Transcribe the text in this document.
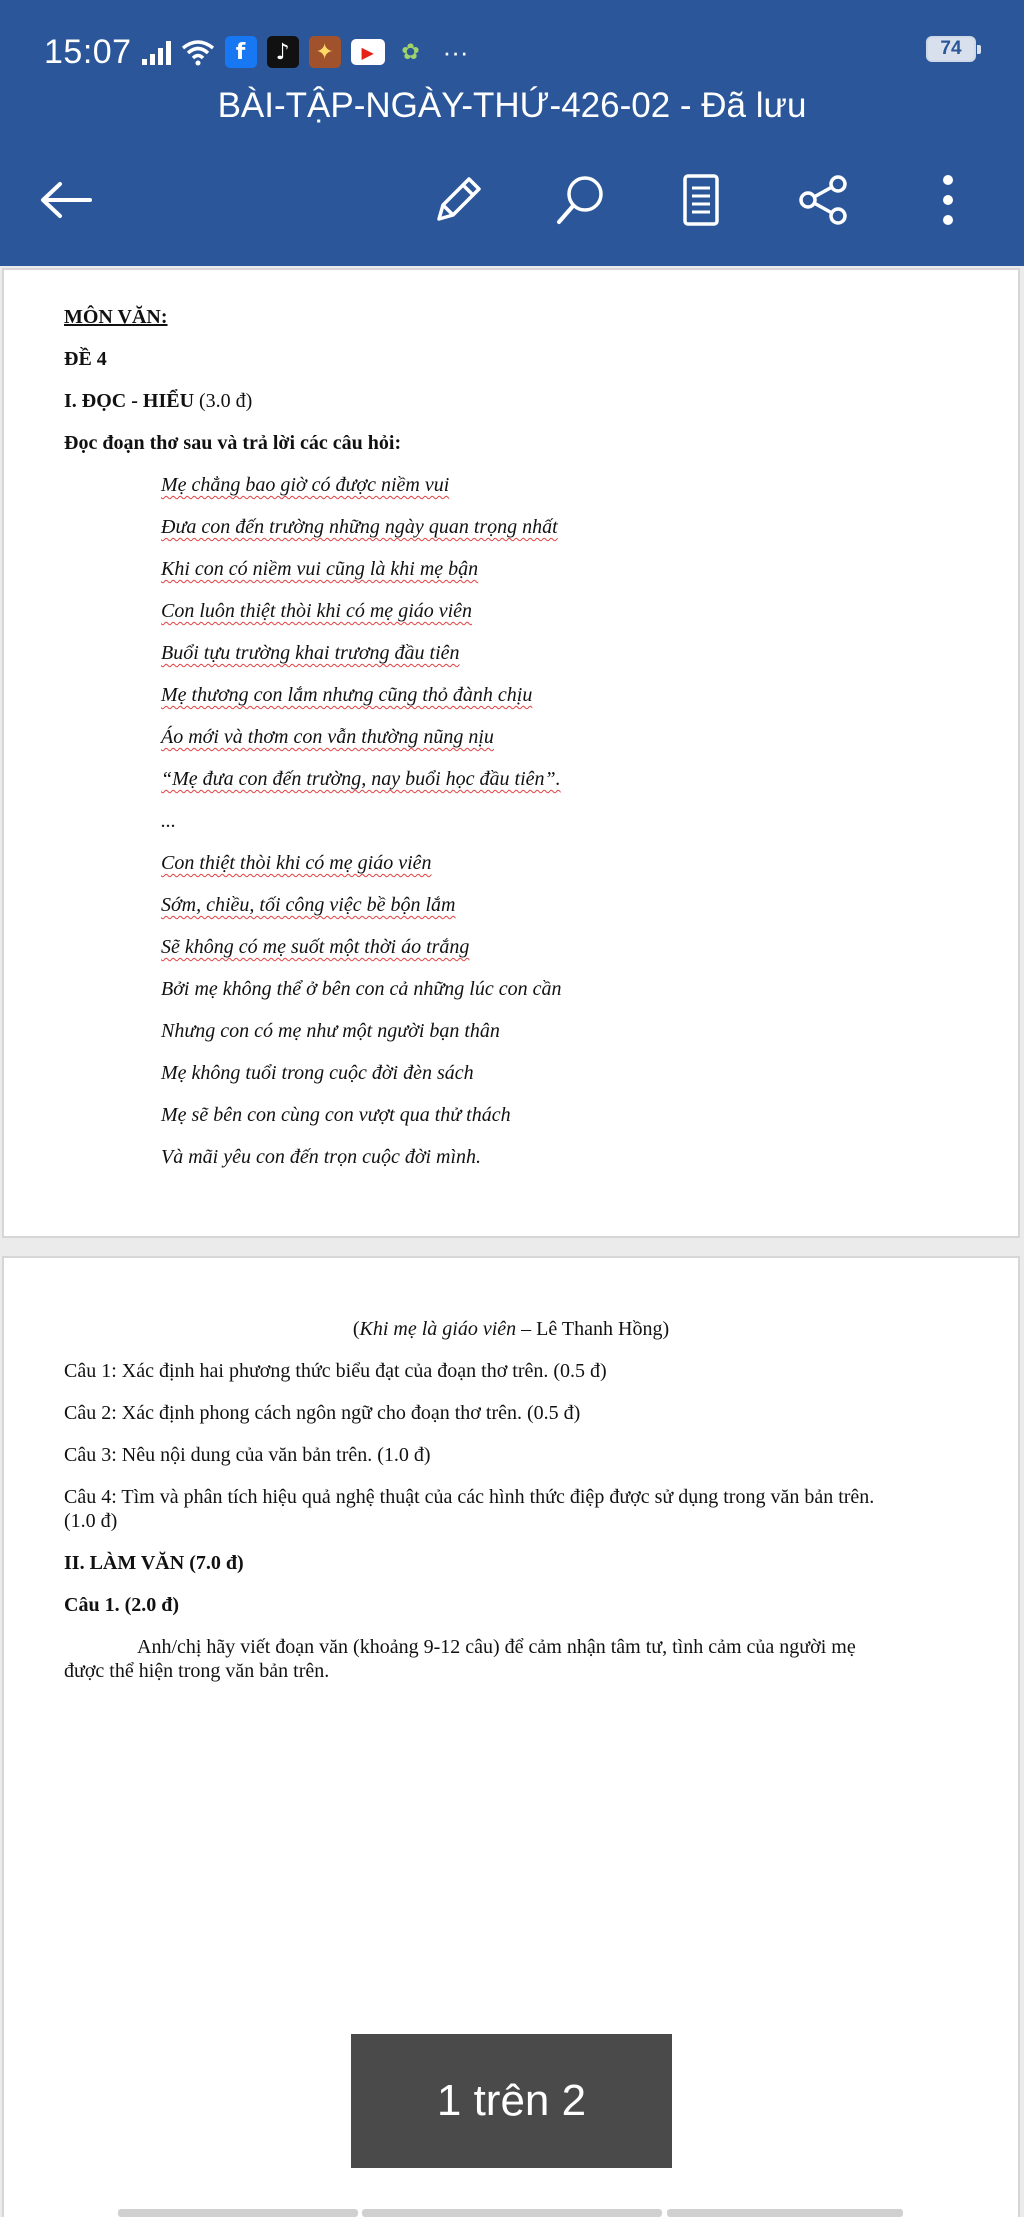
15:07	f	♪	✦	▶	✿ ···	74
BÀI-TẬP-NGÀY-THỨ-426-02 - Đã lưu
MÔN VĂN:
ĐỀ 4
I. ĐỌC - HIỂU (3.0 đ)
Đọc đoạn thơ sau và trả lời các câu hỏi:
Mẹ chẳng bao giờ có được niềm vui
Đưa con đến trường những ngày quan trọng nhất
Khi con có niềm vui cũng là khi mẹ bận
Con luôn thiệt thòi khi có mẹ giáo viên
Buổi tựu trường khai trương đầu tiên
Mẹ thương con lắm nhưng cũng thỏ đành chịu
Áo mới và thơm con vẫn thường nũng nịu
“Mẹ đưa con đến trường, nay buổi học đầu tiên”.
...
Con thiệt thòi khi có mẹ giáo viên
Sớm, chiều, tối công việc bề bộn lắm
Sẽ không có mẹ suốt một thời áo trắng
Bởi mẹ không thể ở bên con cả những lúc con cần
Nhưng con có mẹ như một người bạn thân
Mẹ không tuổi trong cuộc đời đèn sách
Mẹ sẽ bên con cùng con vượt qua thử thách
Và mãi yêu con đến trọn cuộc đời mình.
(Khi mẹ là giáo viên – Lê Thanh Hồng)
Câu 1: Xác định hai phương thức biểu đạt của đoạn thơ trên. (0.5 đ)
Câu 2: Xác định phong cách ngôn ngữ cho đoạn thơ trên. (0.5 đ)
Câu 3: Nêu nội dung của văn bản trên. (1.0 đ)
Câu 4: Tìm và phân tích hiệu quả nghệ thuật của các hình thức điệp được sử dụng trong văn bản trên.
(1.0 đ)
II. LÀM VĂN (7.0 đ)
Câu 1. (2.0 đ)
Anh/chị hãy viết đoạn văn (khoảng 9-12 câu) để cảm nhận tâm tư, tình cảm của người mẹ
được thể hiện trong văn bản trên.
1 trên 2
